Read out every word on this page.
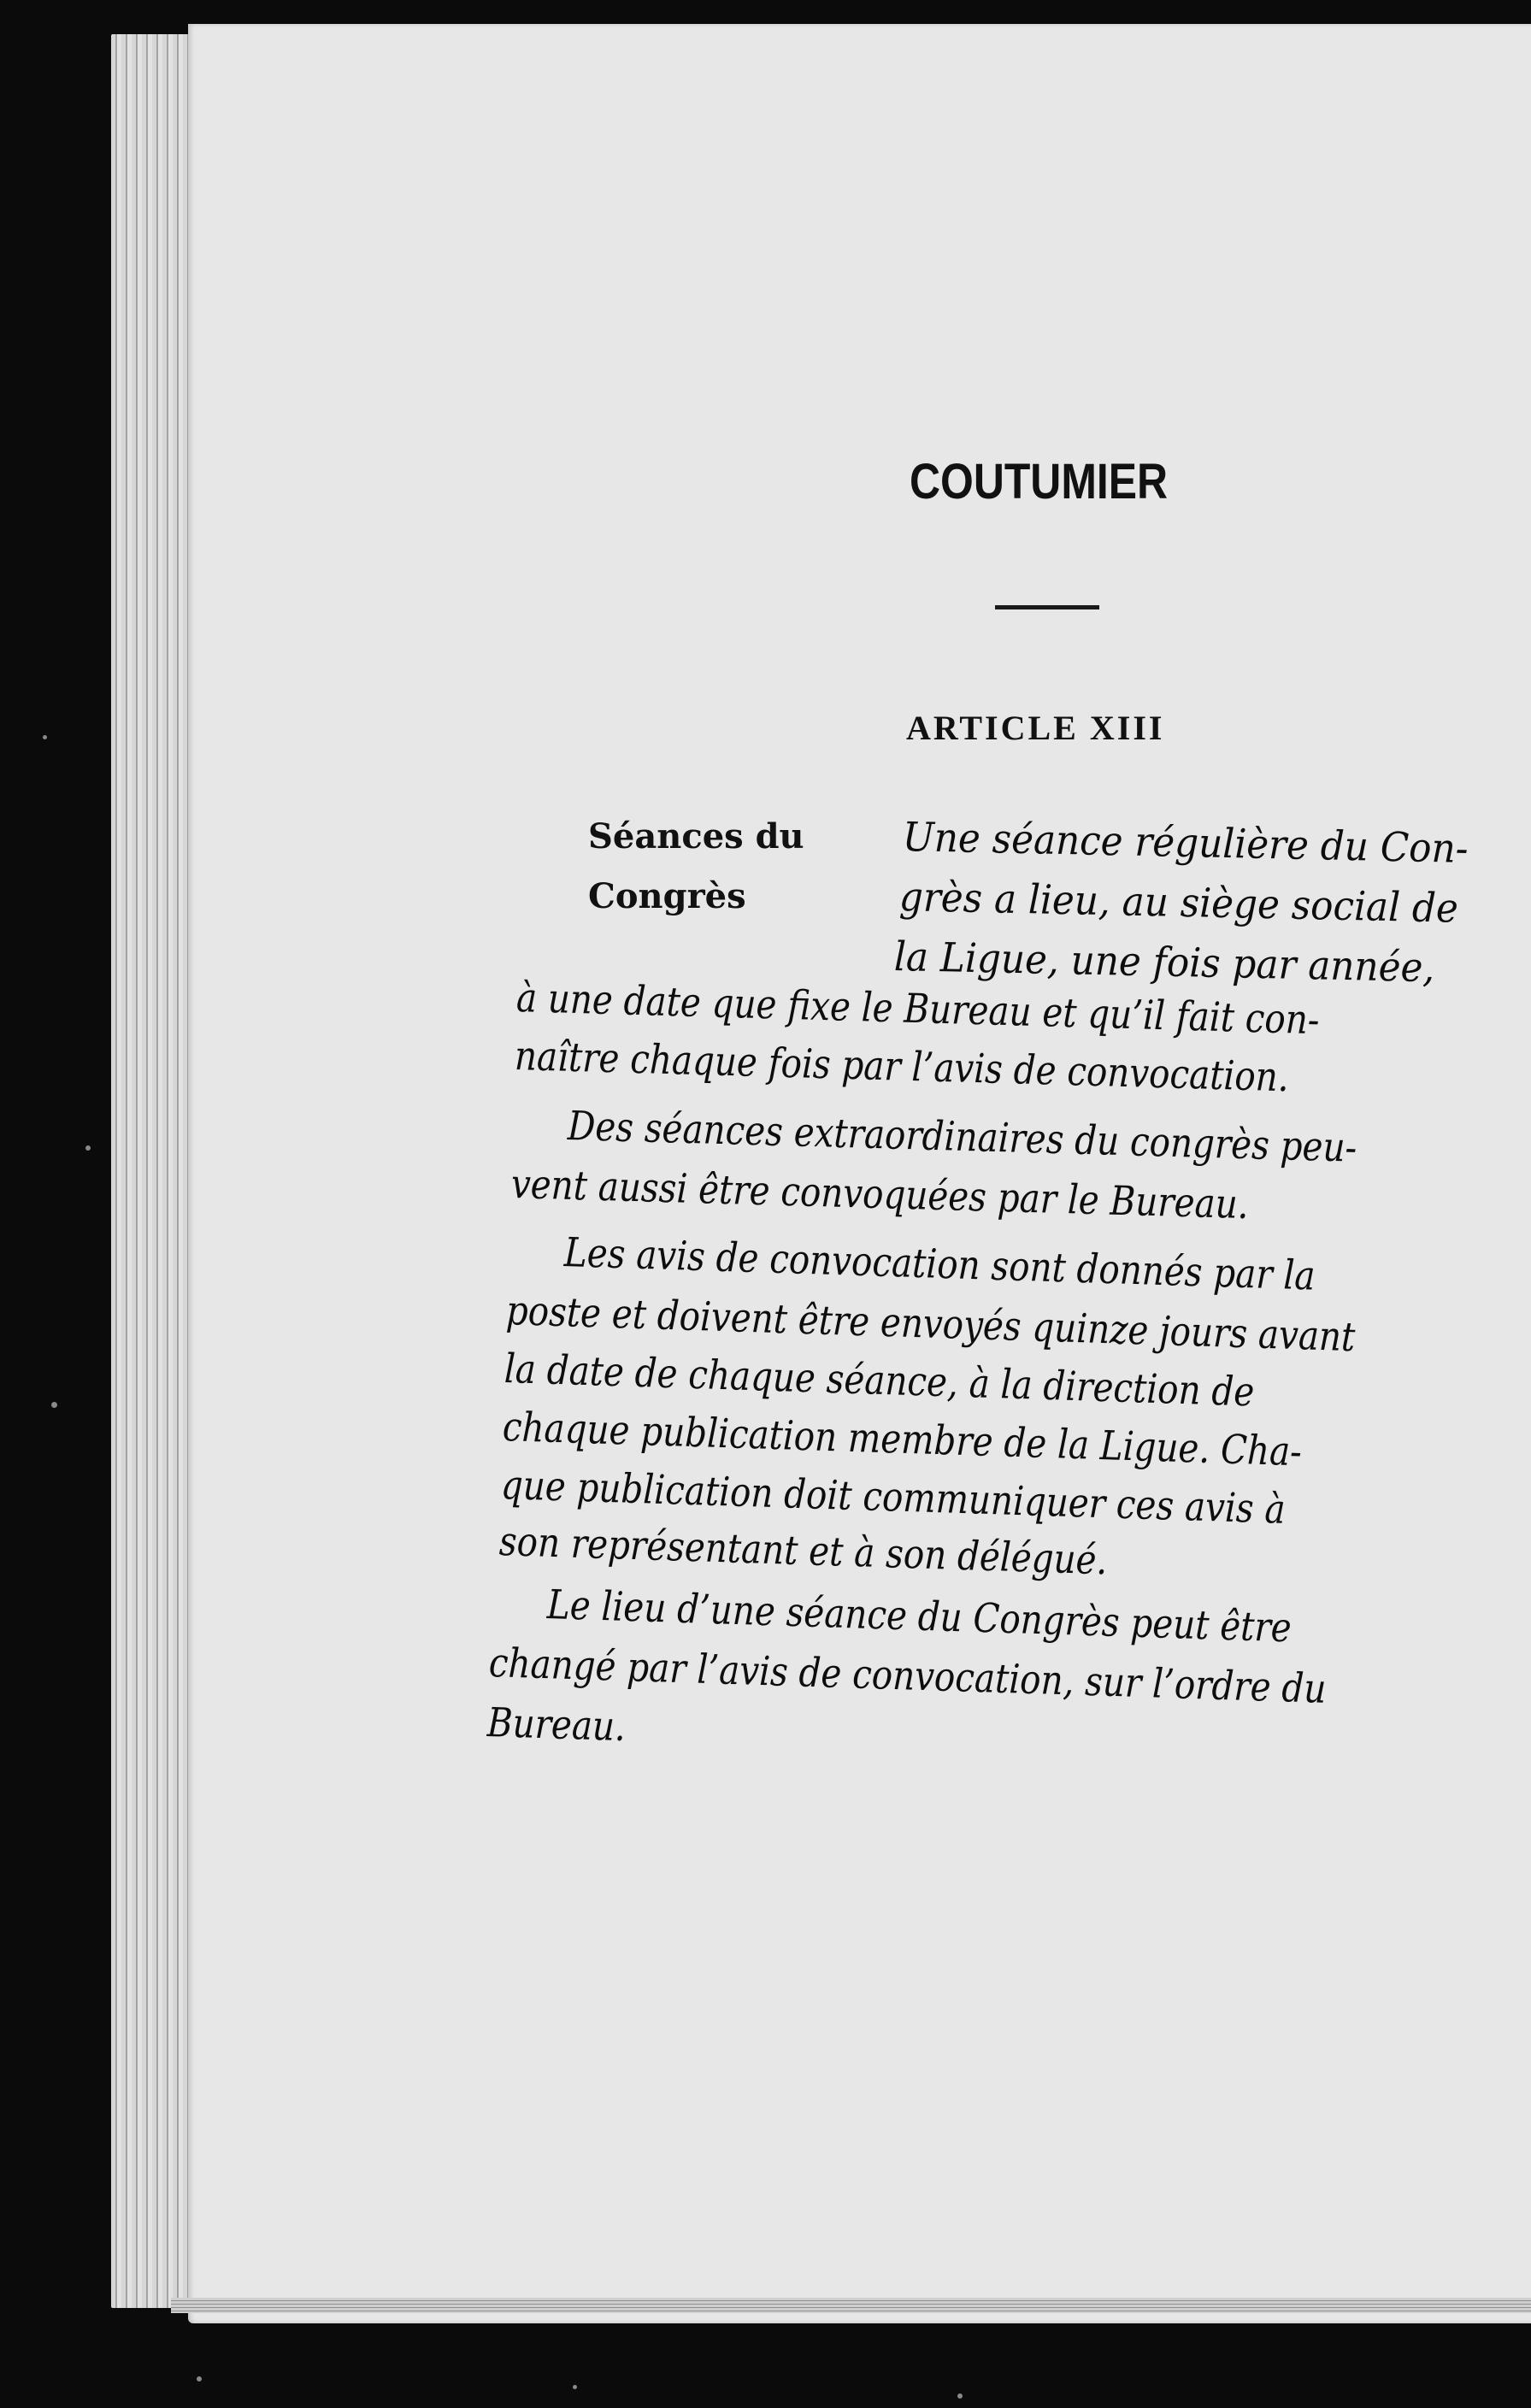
COUTUMIER
ARTICLE XIII
Séances du
Congrès
Une séance régulière du Con-
grès a lieu, au siège social de
la Ligue, une fois par année,
à une date que fixe le Bureau et qu’il fait con-
naître chaque fois par l’avis de convocation.
Des séances extraordinaires du congrès peu-
vent aussi être convoquées par le Bureau.
Les avis de convocation sont donnés par la
poste et doivent être envoyés quinze jours avant
la date de chaque séance, à la direction de
chaque publication membre de la Ligue. Cha-
que publication doit communiquer ces avis à
son représentant et à son délégué.
Le lieu d’une séance du Congrès peut être
changé par l’avis de convocation, sur l’ordre du
Bureau.
